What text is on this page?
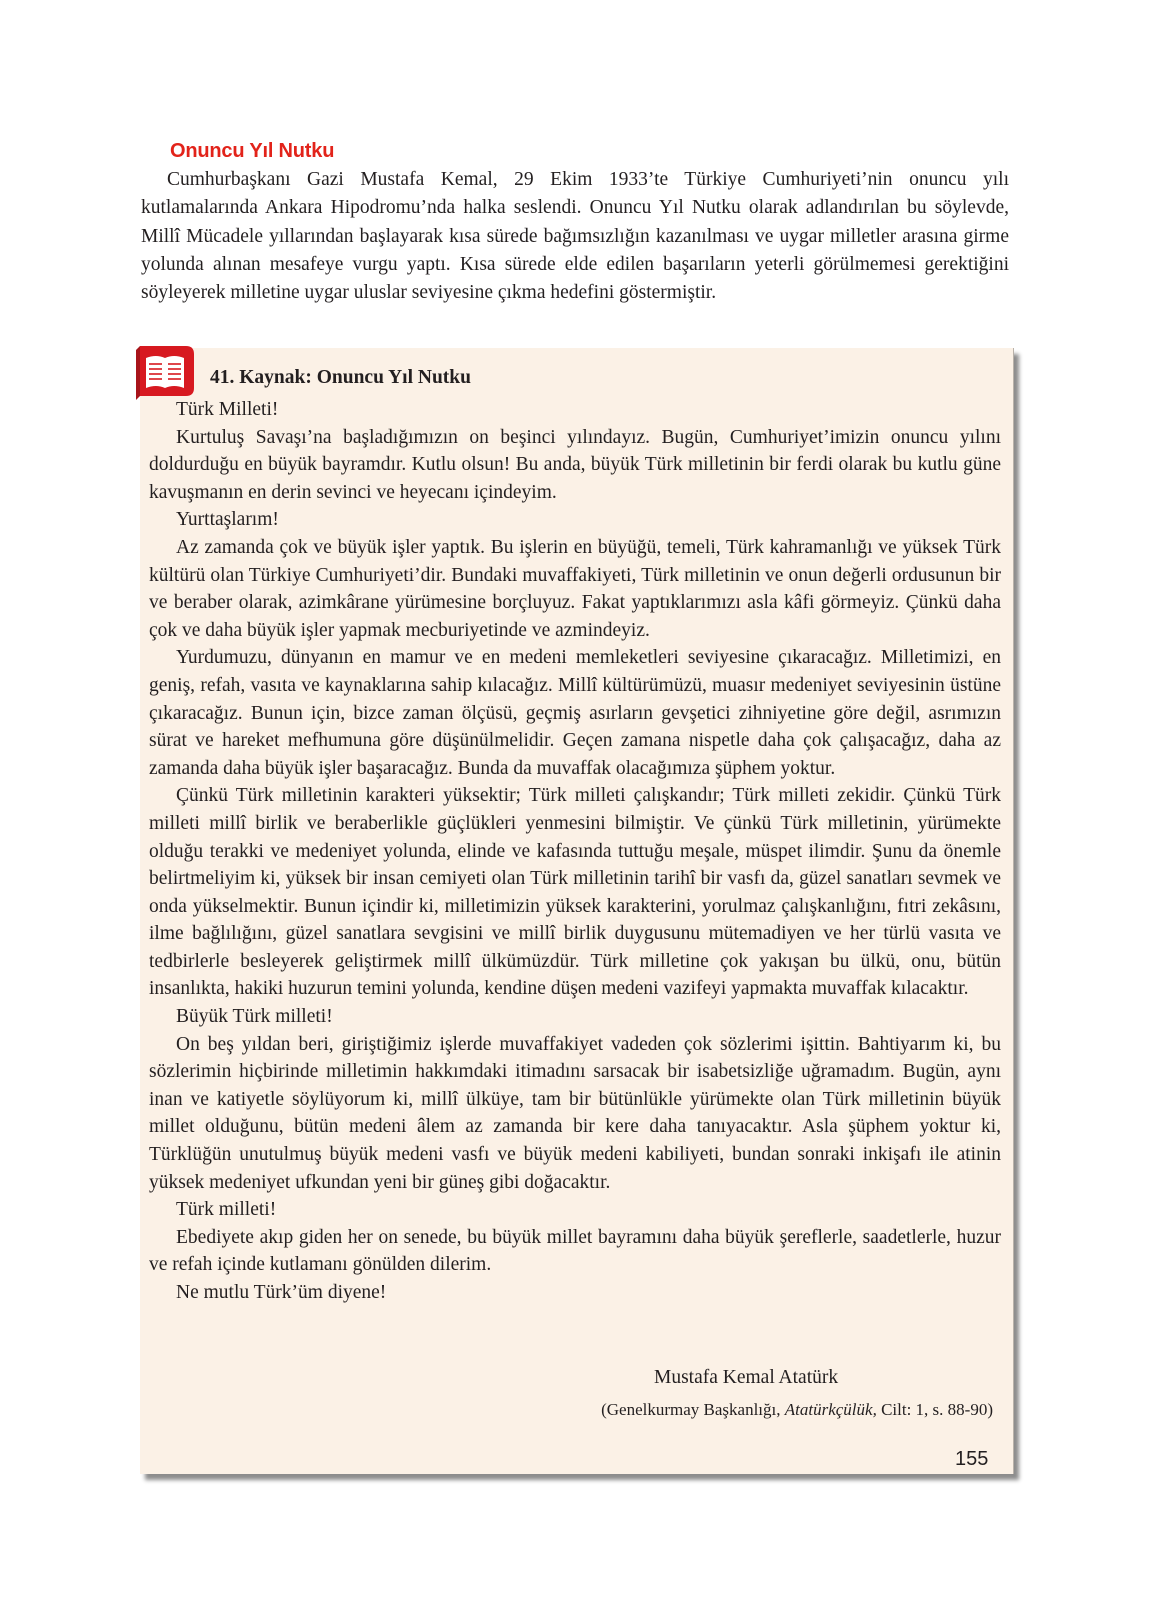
Onuncu Yıl Nutku

Cumhurbaşkanı Gazi Mustafa Kemal, 29 Ekim 1933’te Türkiye Cumhuriyeti’nin onuncu yılı kutlamalarında Ankara Hipodromu’nda halka seslendi. Onuncu Yıl Nutku olarak adlandırılan bu söylevde, Millî Mücadele yıllarından başlayarak kısa sürede bağımsızlığın kazanılması ve uygar milletler arasına girme yolunda alınan mesafeye vurgu yaptı. Kısa sürede elde edilen başarıların yeterli görülmemesi gerektiğini söyleyerek milletine uygar uluslar seviyesine çıkma hedefini göstermiştir.

41. Kaynak: Onuncu Yıl Nutku

Türk Milleti!

Kurtuluş Savaşı’na başladığımızın on beşinci yılındayız. Bugün, Cumhuriyet’imizin onuncu yılını doldurduğu en büyük bayramdır. Kutlu olsun! Bu anda, büyük Türk milletinin bir ferdi olarak bu kutlu güne kavuşmanın en derin sevinci ve heyecanı içindeyim.

Yurttaşlarım!

Az zamanda çok ve büyük işler yaptık. Bu işlerin en büyüğü, temeli, Türk kahramanlığı ve yüksek Türk kültürü olan Türkiye Cumhuriyeti’dir. Bundaki muvaffakiyeti, Türk milletinin ve onun değerli ordusunun bir ve beraber olarak, azimkârane yürümesine borçluyuz. Fakat yaptıklarımızı asla kâfi görmeyiz. Çünkü daha çok ve daha büyük işler yapmak mecburiyetinde ve azmindeyiz.

Yurdumuzu, dünyanın en mamur ve en medeni memleketleri seviyesine çıkaracağız. Milletimizi, en geniş, refah, vasıta ve kaynaklarına sahip kılacağız. Millî kültürümüzü, muasır medeniyet seviyesinin üstüne çıkaracağız. Bunun için, bizce zaman ölçüsü, geçmiş asırların gevşetici zihniyetine göre değil, asrımızın sürat ve hareket mefhumuna göre düşünülmelidir. Geçen zamana nispetle daha çok çalışacağız, daha az zamanda daha büyük işler başaracağız. Bunda da muvaffak olacağımıza şüphem yoktur.

Çünkü Türk milletinin karakteri yüksektir; Türk milleti çalışkandır; Türk milleti zekidir. Çünkü Türk milleti millî birlik ve beraberlikle güçlükleri yenmesini bilmiştir. Ve çünkü Türk milletinin, yürümekte olduğu terakki ve medeniyet yolunda, elinde ve kafasında tuttuğu meşale, müspet ilimdir. Şunu da önemle belirtmeliyim ki, yüksek bir insan cemiyeti olan Türk milletinin tarihî bir vasfı da, güzel sanatları sevmek ve onda yükselmektir. Bunun içindir ki, milletimizin yüksek karakterini, yorulmaz çalışkanlığını, fıtri zekâsını, ilme bağlılığını, güzel sanatlara sevgisini ve millî birlik duygusunu mütemadiyen ve her türlü vasıta ve tedbirlerle besleyerek geliştirmek millî ülkümüzdür. Türk milletine çok yakışan bu ülkü, onu, bütün insanlıkta, hakiki huzurun temini yolunda, kendine düşen medeni vazifeyi yapmakta muvaffak kılacaktır.

Büyük Türk milleti!

On beş yıldan beri, giriştiğimiz işlerde muvaffakiyet vadeden çok sözlerimi işittin. Bahtiyarım ki, bu sözlerimin hiçbirinde milletimin hakkımdaki itimadını sarsacak bir isabetsizliğe uğramadım. Bugün, aynı inan ve katiyetle söylüyorum ki, millî ülküye, tam bir bütünlükle yürümekte olan Türk milletinin büyük millet olduğunu, bütün medeni âlem az zamanda bir kere daha tanıyacaktır. Asla şüphem yoktur ki, Türklüğün unutulmuş büyük medeni vasfı ve büyük medeni kabiliyeti, bundan sonraki inkişafı ile atinin yüksek medeniyet ufkundan yeni bir güneş gibi doğacaktır.

Türk milleti!

Ebediyete akıp giden her on senede, bu büyük millet bayramını daha büyük şereflerle, saadetlerle, huzur ve refah içinde kutlamanı gönülden dilerim.

Ne mutlu Türk’üm diyene!

Mustafa Kemal Atatürk
(Genelkurmay Başkanlığı, Atatürkçülük, Cilt: 1, s. 88-90)
155
